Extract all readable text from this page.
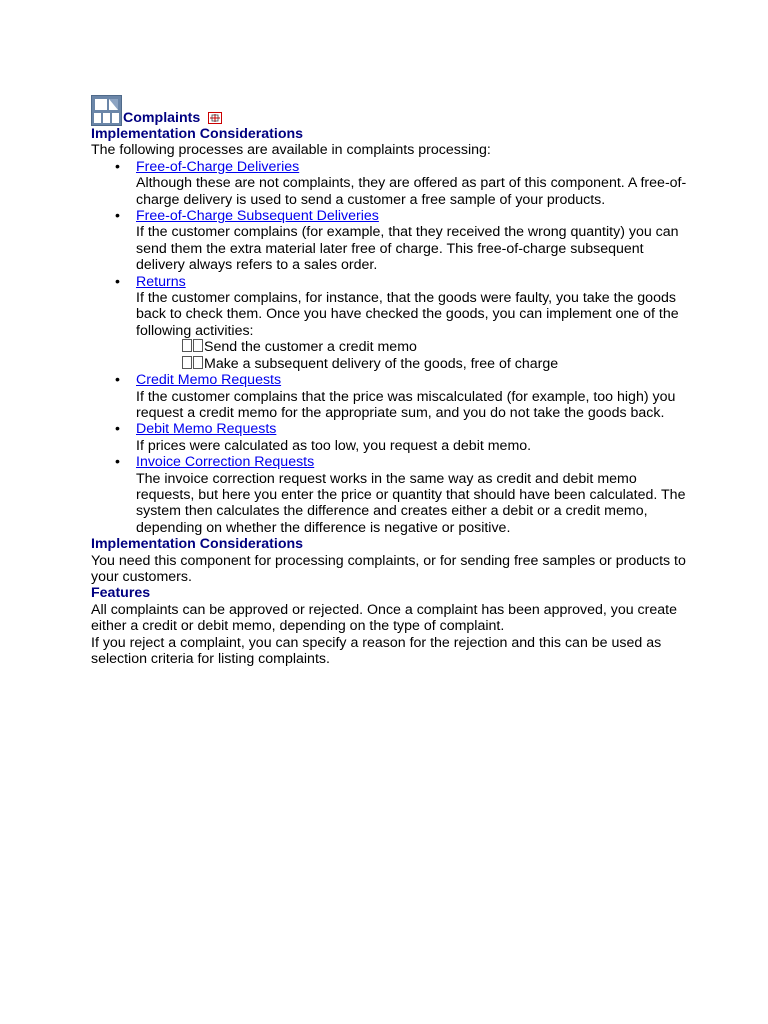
Complaints
Implementation Considerations

The following processes are available in complaints processing:

• Free-of-Charge Deliveries
Although these are not complaints, they are offered as part of this component. A free-of-charge delivery is used to send a customer a free sample of your products.
• Free-of-Charge Subsequent Deliveries
If the customer complains (for example, that they received the wrong quantity) you can send them the extra material later free of charge. This free-of-charge subsequent delivery always refers to a sales order.
• Returns
If the customer complains, for instance, that the goods were faulty, you take the goods back to check them. Once you have checked the goods, you can implement one of the following activities:
Send the customer a credit memo
Make a subsequent delivery of the goods, free of charge
• Credit Memo Requests
If the customer complains that the price was miscalculated (for example, too high) you request a credit memo for the appropriate sum, and you do not take the goods back.
• Debit Memo Requests
If prices were calculated as too low, you request a debit memo.
• Invoice Correction Requests
The invoice correction request works in the same way as credit and debit memo requests, but here you enter the price or quantity that should have been calculated. The system then calculates the difference and creates either a debit or a credit memo, depending on whether the difference is negative or positive.
Implementation Considerations

You need this component for processing complaints, or for sending free samples or products to your customers.

Features

All complaints can be approved or rejected. Once a complaint has been approved, you create either a credit or debit memo, depending on the type of complaint.

If you reject a complaint, you can specify a reason for the rejection and this can be used as selection criteria for listing complaints.
